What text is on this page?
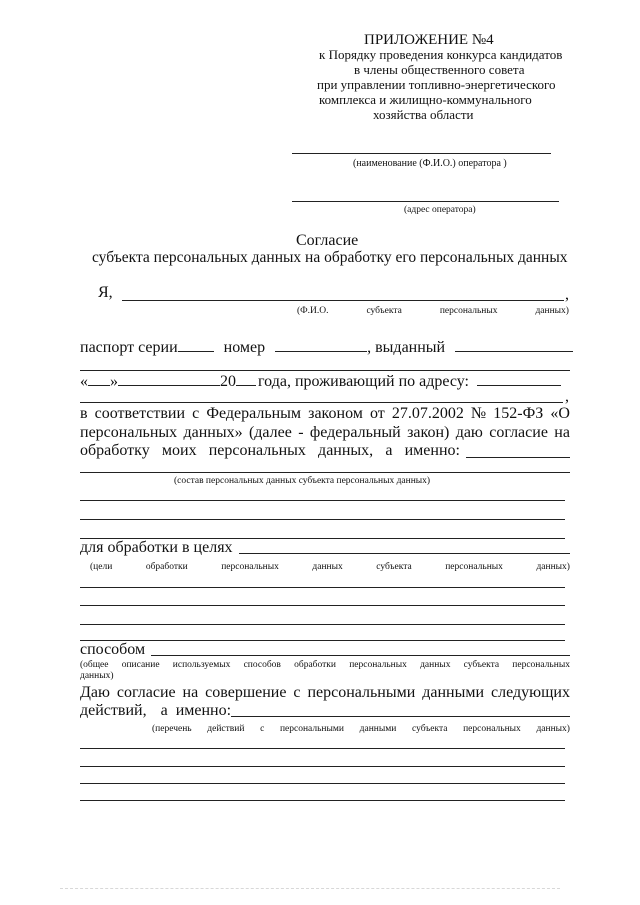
ПРИЛОЖЕНИЕ №4
к Порядку проведения конкурса кандидатов
в члены общественного совета
при управлении топливно-энергетического
комплекса и жилищно-коммунального
хозяйства области
(наименование (Ф.И.О.) оператора )
(адрес оператора)
Согласие
субъекта персональных данных на обработку его персональных данных
Я,	,
(Ф.И.О.	субъекта	персональных	данных)
паспорт серии	номер	, выданный
« »	20 года, проживающий по адресу:
,
в соответствии с Федеральным законом от 27.07.2002 № 152-ФЗ «О
персональных данных» (далее - федеральный закон) даю согласие на
обработку моих персональных данных, а именно:
(состав персональных данных субъекта персональных данных)
для обработки в целях
(цели	обработки	персональных	данных	субъекта	персональных	данных)
способом
(общее описание используемых способов обработки персональных данных субъекта персональных
данных)
Даю согласие на совершение с персональными данными следующих
действий, а именно:
(перечень действий с персональными данными субъекта персональных данных)
